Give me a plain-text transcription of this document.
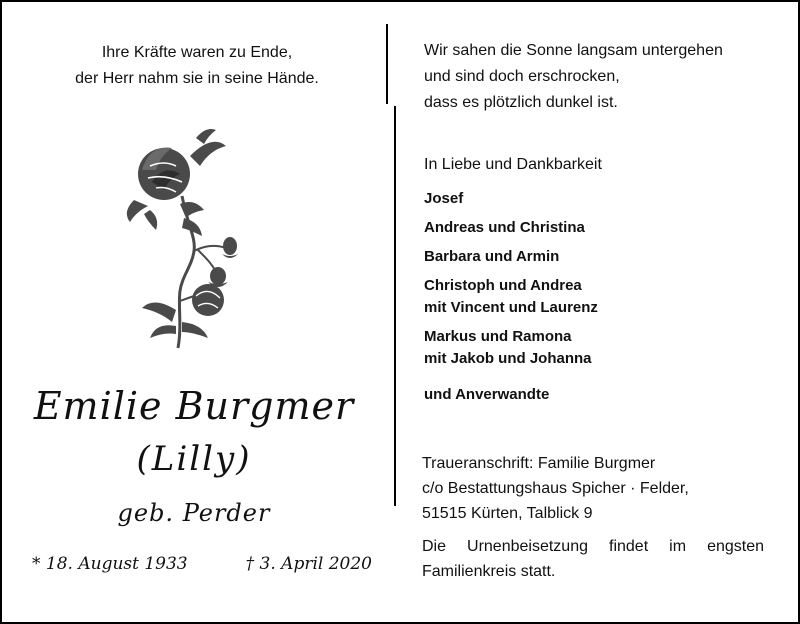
Ihre Kräfte waren zu Ende,
der Herr nahm sie in seine Hände.
Emilie Burgmer
(Lilly)
geb. Perder
* 18. August 1933	† 3. April 2020
Wir sahen die Sonne langsam untergehen
und sind doch erschrocken,
dass es plötzlich dunkel ist.
In Liebe und Dankbarkeit
Josef
Andreas und Christina
Barbara und Armin
Christoph und Andrea
mit Vincent und Laurenz
Markus und Ramona
mit Jakob und Johanna
und Anverwandte
Traueranschrift: Familie Burgmer
c/o Bestattungshaus Spicher · Felder,
51515 Kürten, Talblick 9
Die Urnenbeisetzung findet im engsten Familienkreis statt.
